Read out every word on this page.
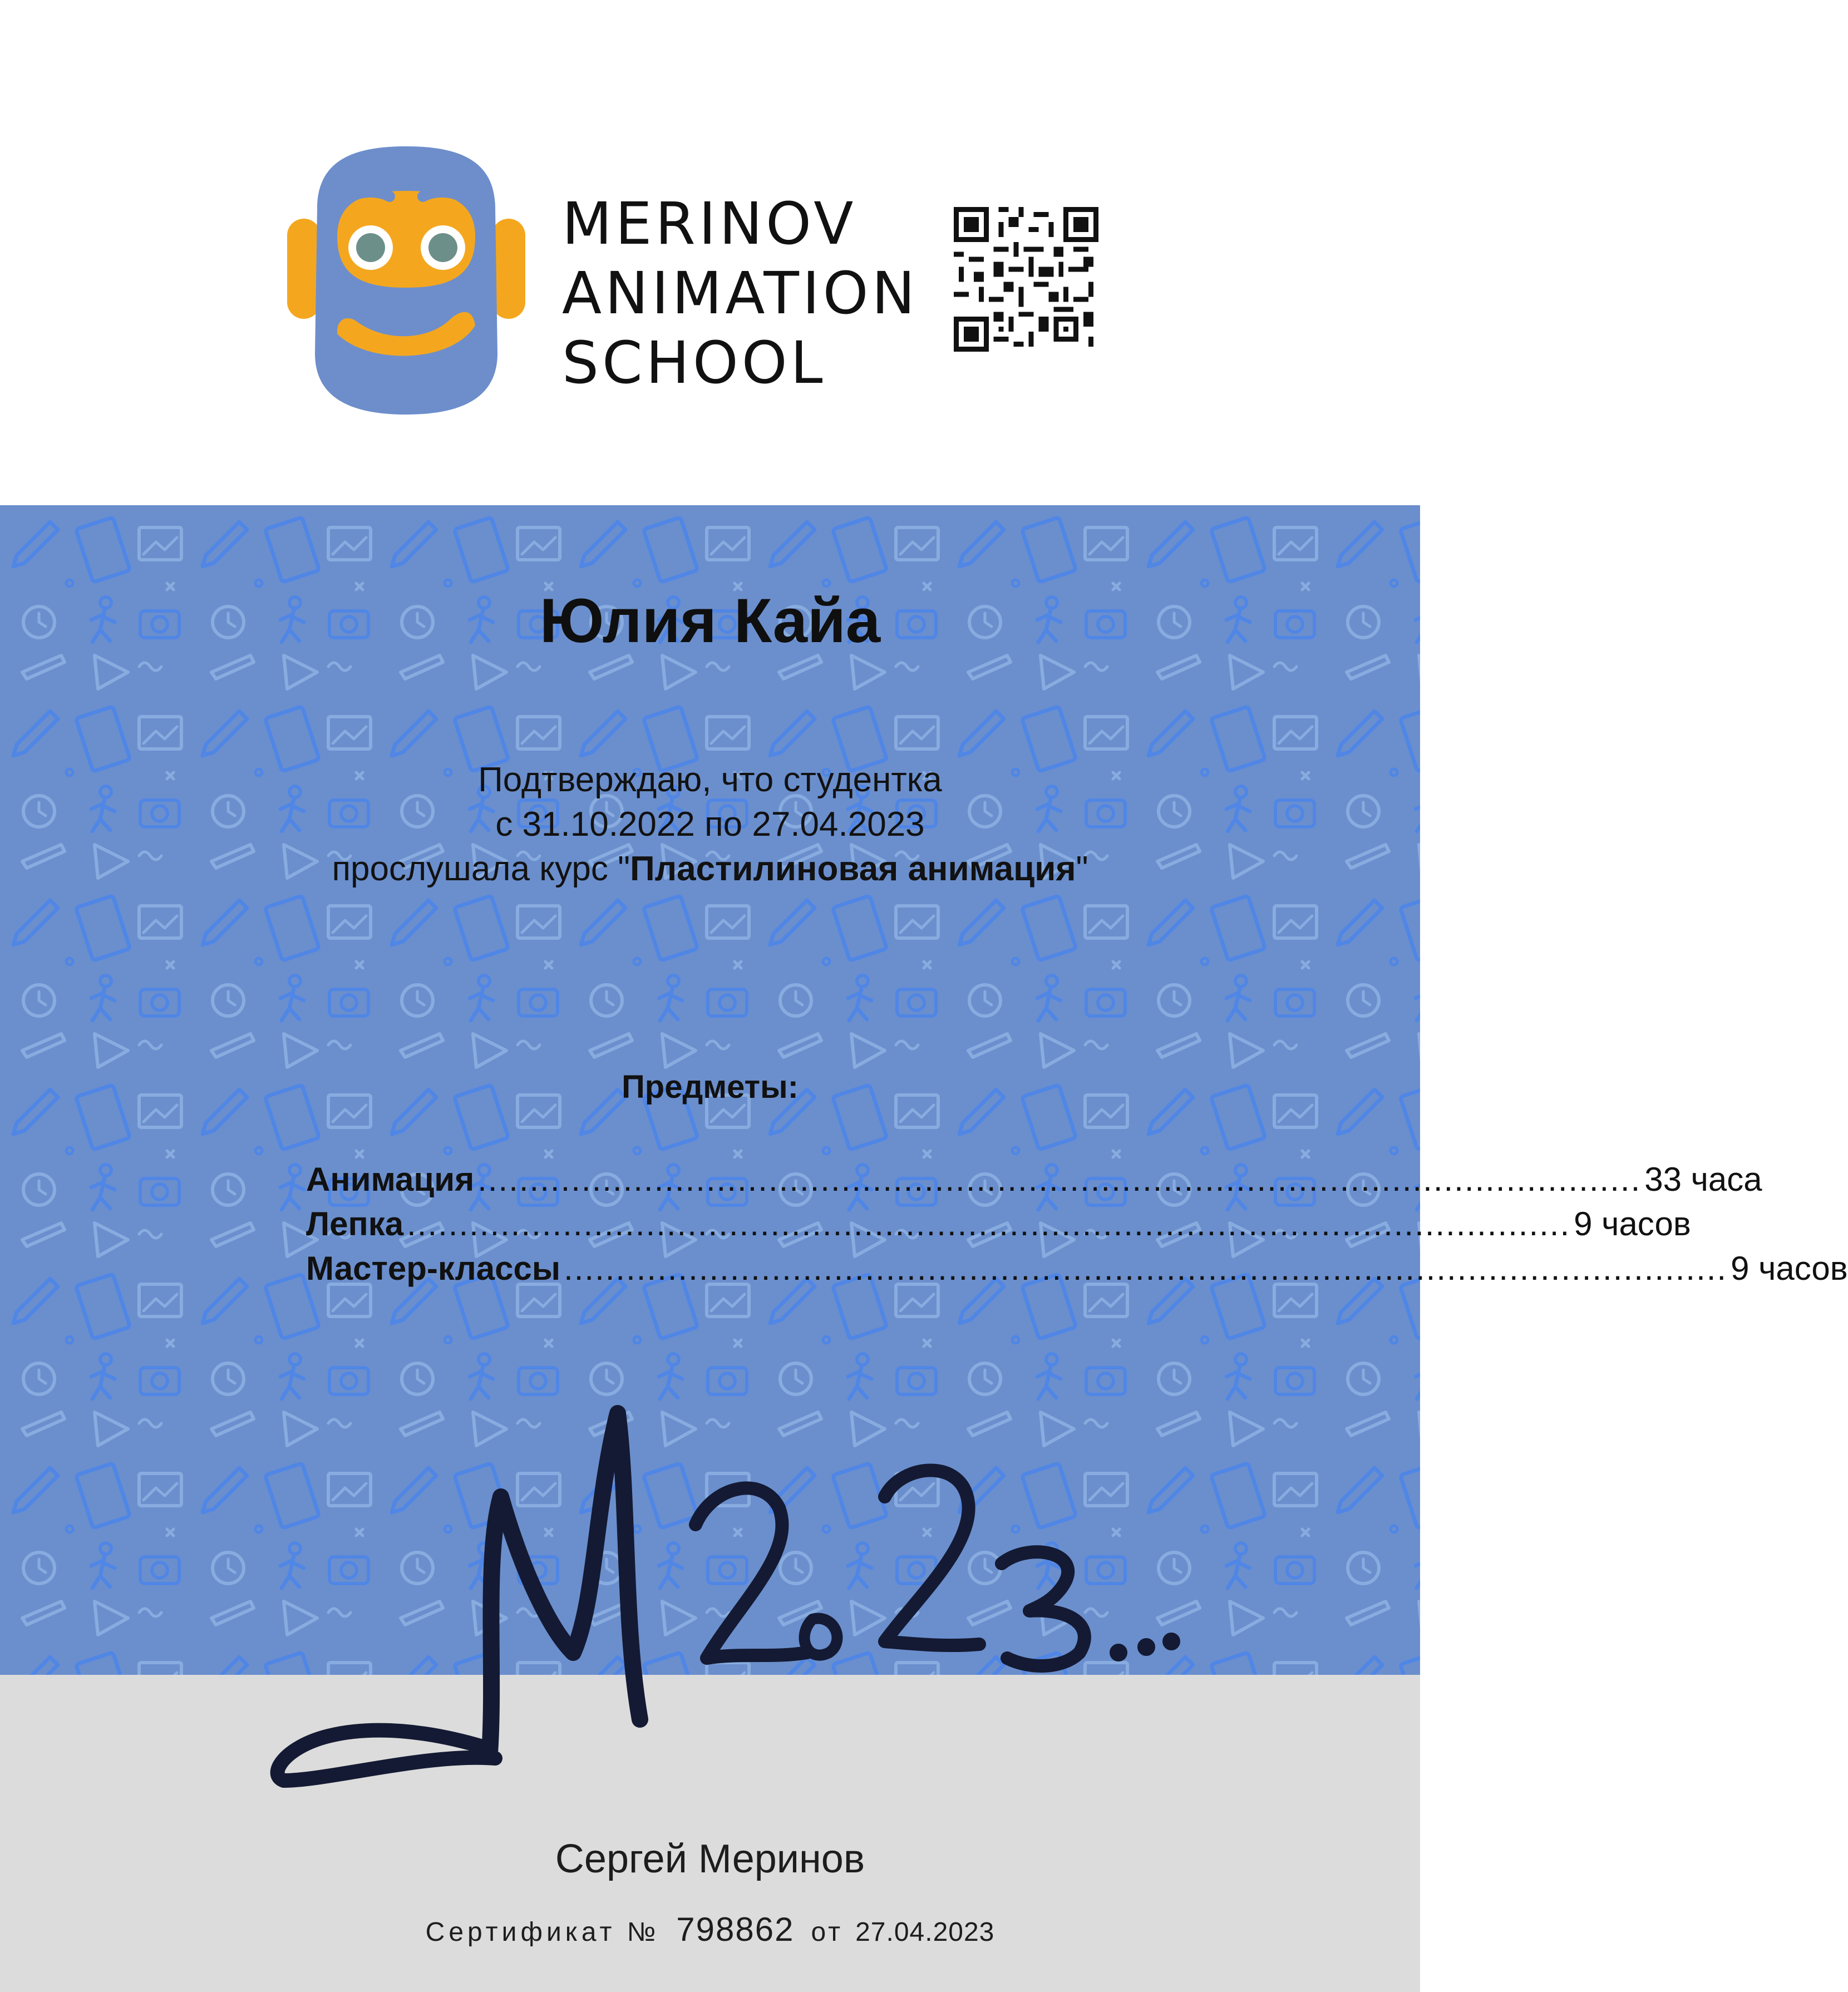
MERINOV
ANIMATION
SCHOOL
Юлия Кайа
Подтверждаю, что студентка
с 31.10.2022 по 27.04.2023
прослушала курс "Пластилиновая анимация"
Предметы:
Анимация ................................................................................................................ 33 часа
Лепка ................................................................................................................ 9 часов
Мастер-классы ................................................................................................................ 9 часов
Сергей Меринов
Сертификат № 798862 от 27.04.2023
